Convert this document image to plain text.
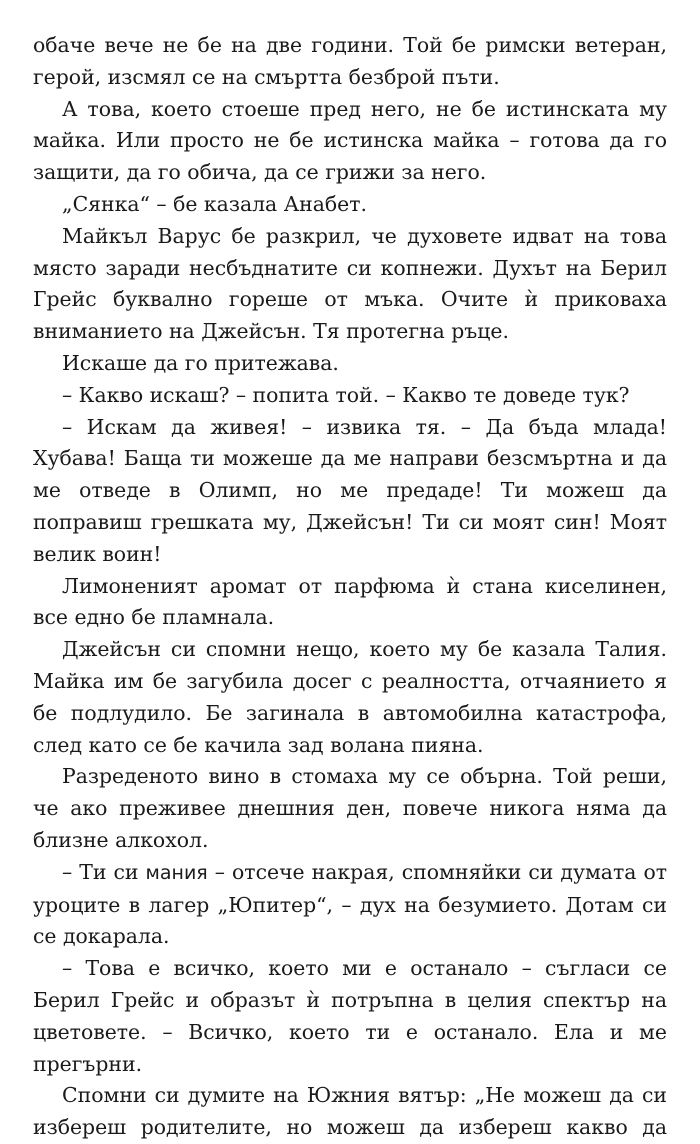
обаче вече не бе на две години. Той бе римски ветеран, герой, изсмял се на смъртта безброй пъти.

А това, което стоеше пред него, не бе истинската му майка. Или просто не бе истинска майка – готова да го защити, да го обича, да се грижи за него.

„Сянка“ – бе казала Анабет.

Майкъл Варус бе разкрил, че духовете идват на това място заради несбъднатите си копнежи. Духът на Берил Грейс буквално гореше от мъка. Очите ѝ приковаха вниманието на Джейсън. Тя протегна ръце.

Искаше да го притежава.

– Какво искаш? – попита той. – Какво те доведе тук?

– Искам да живея! – извика тя. – Да бъда млада! Хубава! Баща ти можеше да ме направи безсмъртна и да ме отведе в Олимп, но ме предаде! Ти можеш да поправиш грешката му, Джейсън! Ти си моят син! Моят велик воин!

Лимоненият аромат от парфюма ѝ стана киселинен, все едно бе пламнала.

Джейсън си спомни нещо, което му бе казала Талия. Майка им бе загубила досег с реалността, отчаянието я бе подлудило. Бе загинала в автомобилна катастрофа, след като се бе качила зад волана пияна.

Разреденото вино в стомаха му се обърна. Той реши, че ако преживее днешния ден, повече никога няма да близне алкохол.

– Ти си мания – отсече накрая, спомняйки си думата от уроците в лагер „Юпитер“, – дух на безумието. Дотам си се докарала.

– Това е всичко, което ми е останало – съгласи се Берил Грейс и образът ѝ потръпна в целия спектър на цветовете. – Всичко, което ти е останало. Ела и ме прегърни.

Спомни си думите на Южния вятър: „Не можеш да си избереш родителите, но можеш да избереш какво да
